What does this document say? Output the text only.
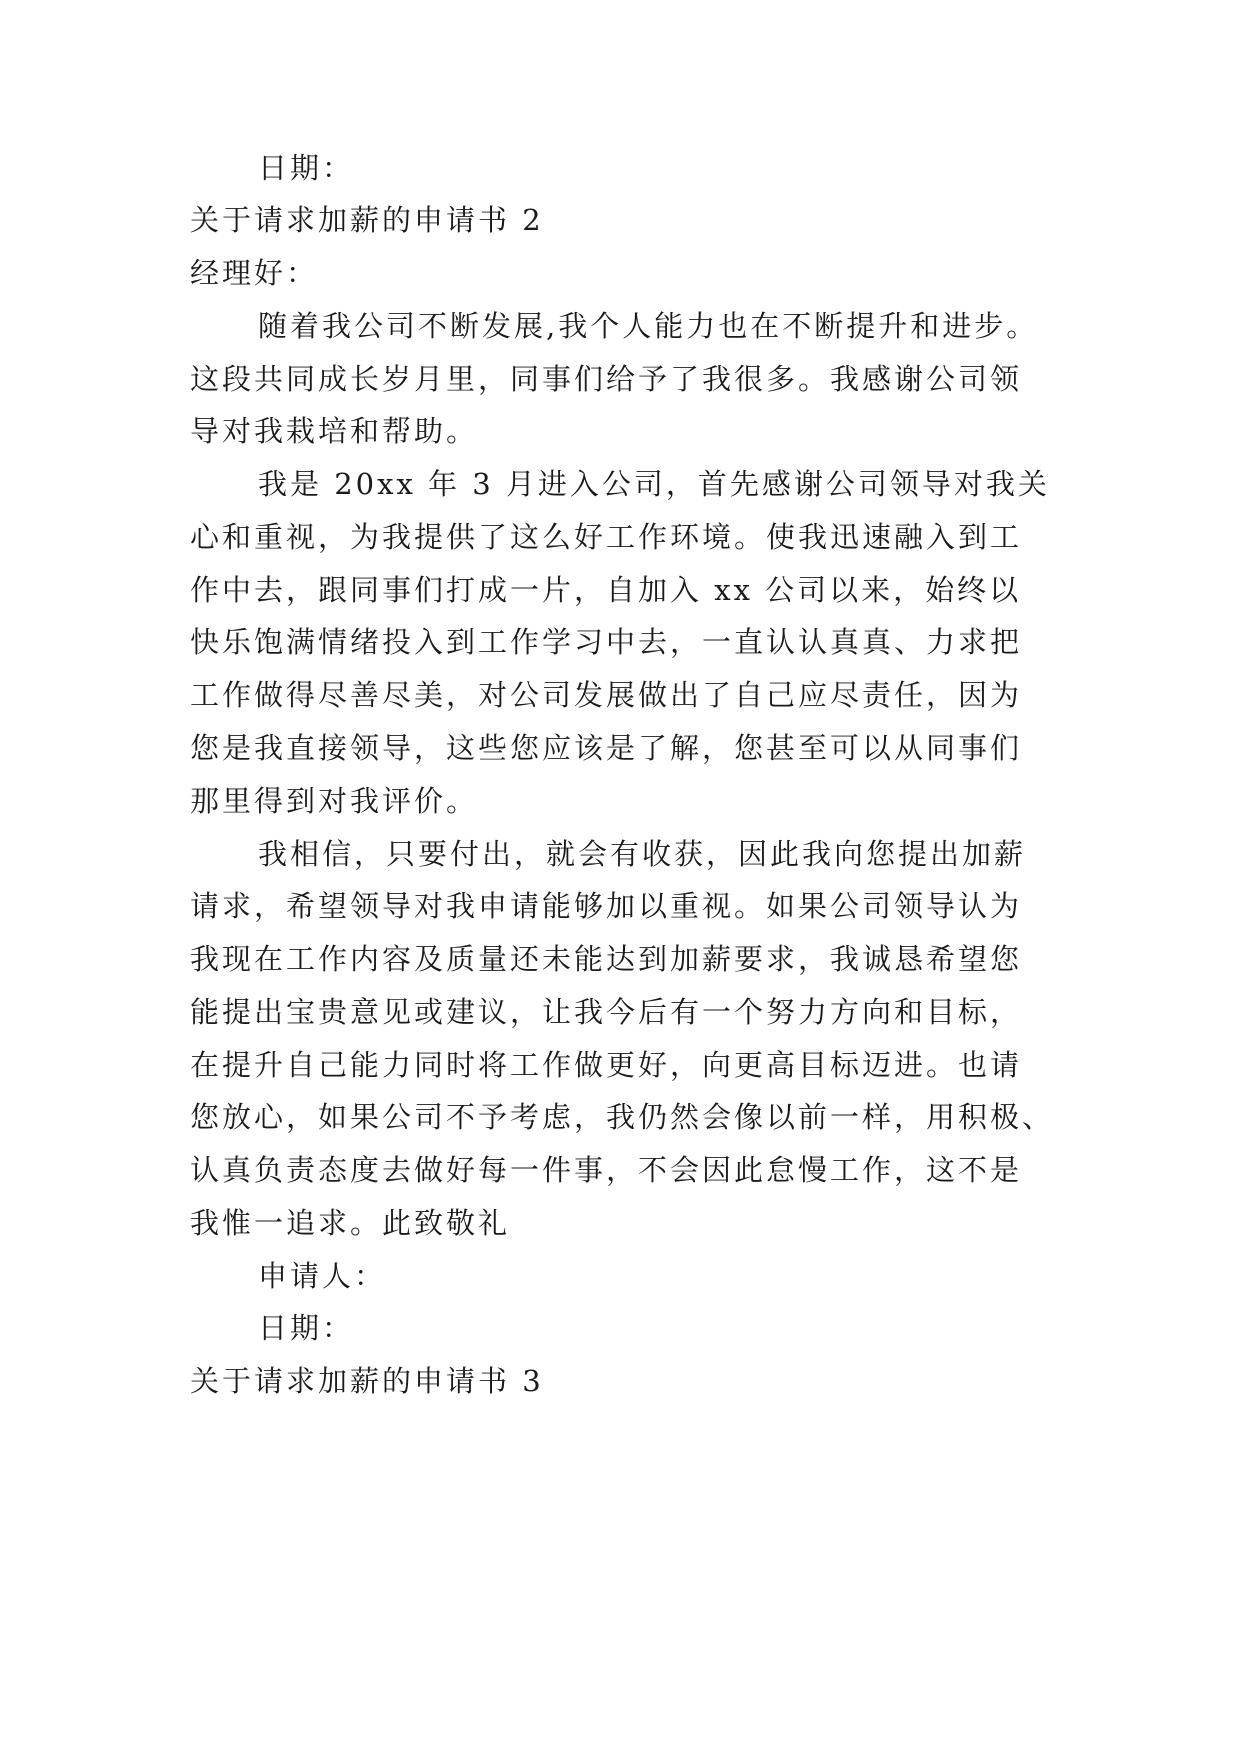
日期：
关于请求加薪的申请书 2
经理好：
随着我公司不断发展,我个人能力也在不断提升和进步。
这段共同成长岁月里，同事们给予了我很多。我感谢公司领
导对我栽培和帮助。
我是 20xx 年 3 月进入公司，首先感谢公司领导对我关
心和重视，为我提供了这么好工作环境。使我迅速融入到工
作中去，跟同事们打成一片，自加入 xx 公司以来，始终以
快乐饱满情绪投入到工作学习中去，一直认认真真、力求把
工作做得尽善尽美，对公司发展做出了自己应尽责任，因为
您是我直接领导，这些您应该是了解，您甚至可以从同事们
那里得到对我评价。
我相信，只要付出，就会有收获，因此我向您提出加薪
请求，希望领导对我申请能够加以重视。如果公司领导认为
我现在工作内容及质量还未能达到加薪要求，我诚恳希望您
能提出宝贵意见或建议，让我今后有一个努力方向和目标，
在提升自己能力同时将工作做更好，向更高目标迈进。也请
您放心，如果公司不予考虑，我仍然会像以前一样，用积极、
认真负责态度去做好每一件事，不会因此怠慢工作，这不是
我惟一追求。此致敬礼
申请人：
日期：
关于请求加薪的申请书 3
